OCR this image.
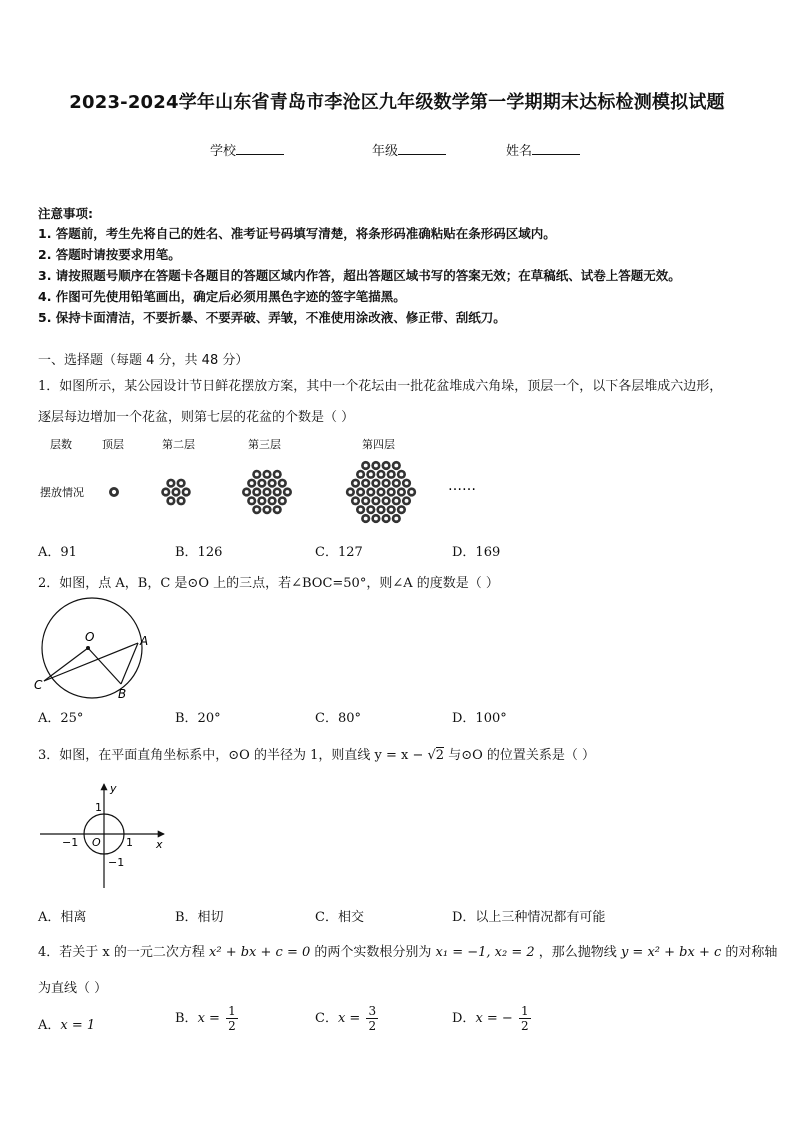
2023-2024学年山东省青岛市李沧区九年级数学第一学期期末达标检测模拟试题
学校	年级	姓名
注意事项:
1. 答题前，考生先将自己的姓名、准考证号码填写清楚，将条形码准确粘贴在条形码区域内。
2. 答题时请按要求用笔。
3. 请按照题号顺序在答题卡各题目的答题区域内作答，超出答题区域书写的答案无效；在草稿纸、试卷上答题无效。
4. 作图可先使用铅笔画出，确定后必须用黑色字迹的签字笔描黑。
5. 保持卡面清洁，不要折暴、不要弄破、弄皱，不准使用涂改液、修正带、刮纸刀。
一、选择题（每题 4 分，共 48 分）
1．如图所示，某公园设计节日鲜花摆放方案，其中一个花坛由一批花盆堆成六角垛，顶层一个，以下各层堆成六边形，
逐层每边增加一个花盆，则第七层的花盆的个数是（ ）
层数	顶层	第二层	第三层	第四层
摆放情况	……
A．91	B．126	C．127	D．169
2．如图，点 A，B，C 是⊙O 上的三点，若∠BOC=50°，则∠A 的度数是（ ）
O	A
B
C
A．25°	B．20°	C．80°	D．100°
3．如图，在平面直角坐标系中，⊙O 的半径为 1，则直线 y = x − √2 与⊙O 的位置关系是（ ）
y
x
O
1
−1	1
−1
A．相离	B．相切	C．相交	D．以上三种情况都有可能
4．若关于 x 的一元二次方程 x² + bx + c = 0 的两个实数根分别为 x₁ = −1, x₂ = 2 ，那么抛物线 y = x² + bx + c 的对称轴
为直线（ ）
A．x = 1	B．$x = \frac{1}{2}$	C．$x = \frac{3}{2}$	D．x = − $\frac{1}{2}$
